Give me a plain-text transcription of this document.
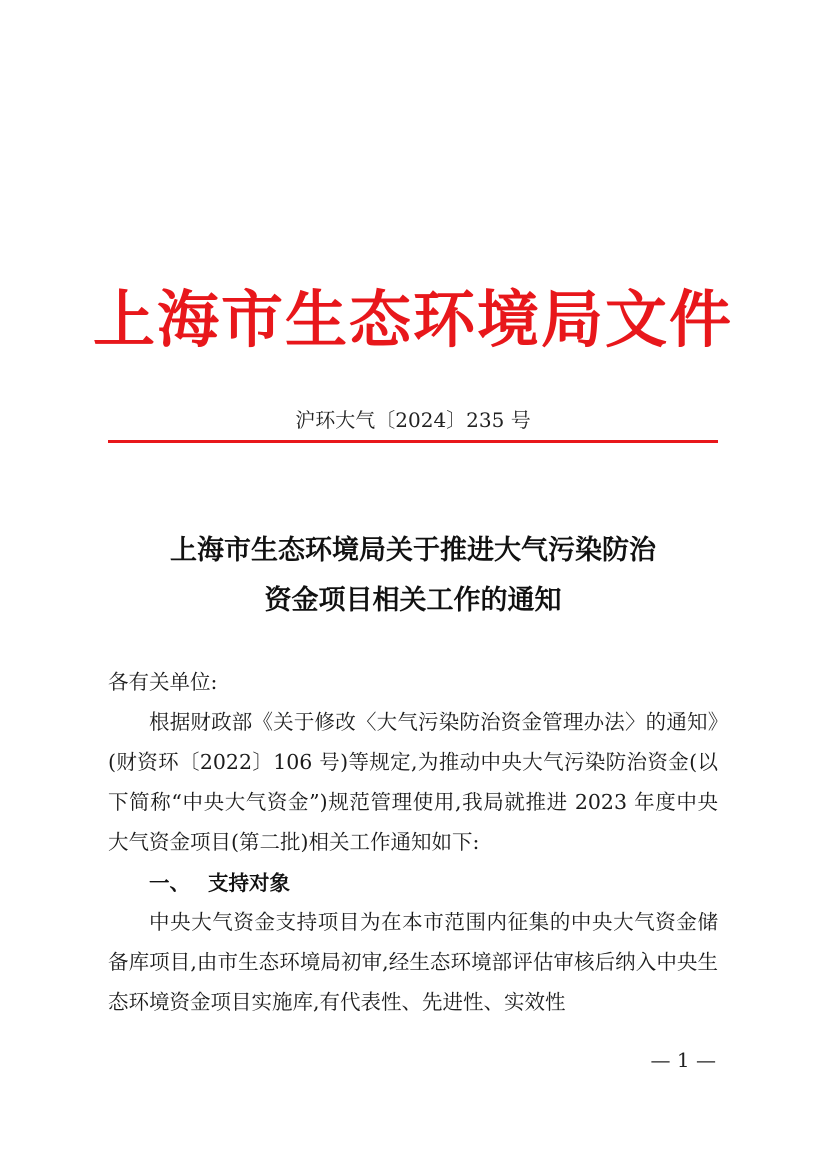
上海市生态环境局文件
沪环大气〔2024〕235 号
上海市生态环境局关于推进大气污染防治
资金项目相关工作的通知
各有关单位:
根据财政部《关于修改〈大气污染防治资金管理办法〉的通知》(财资环〔2022〕106 号)等规定,为推动中央大气污染防治资金(以下简称“中央大气资金”)规范管理使用,我局就推进 2023 年度中央大气资金项目(第二批)相关工作通知如下:
一、 支持对象
中央大气资金支持项目为在本市范围内征集的中央大气资金储备库项目,由市生态环境局初审,经生态环境部评估审核后纳入中央生态环境资金项目实施库,有代表性、先进性、实效性
— 1 —
